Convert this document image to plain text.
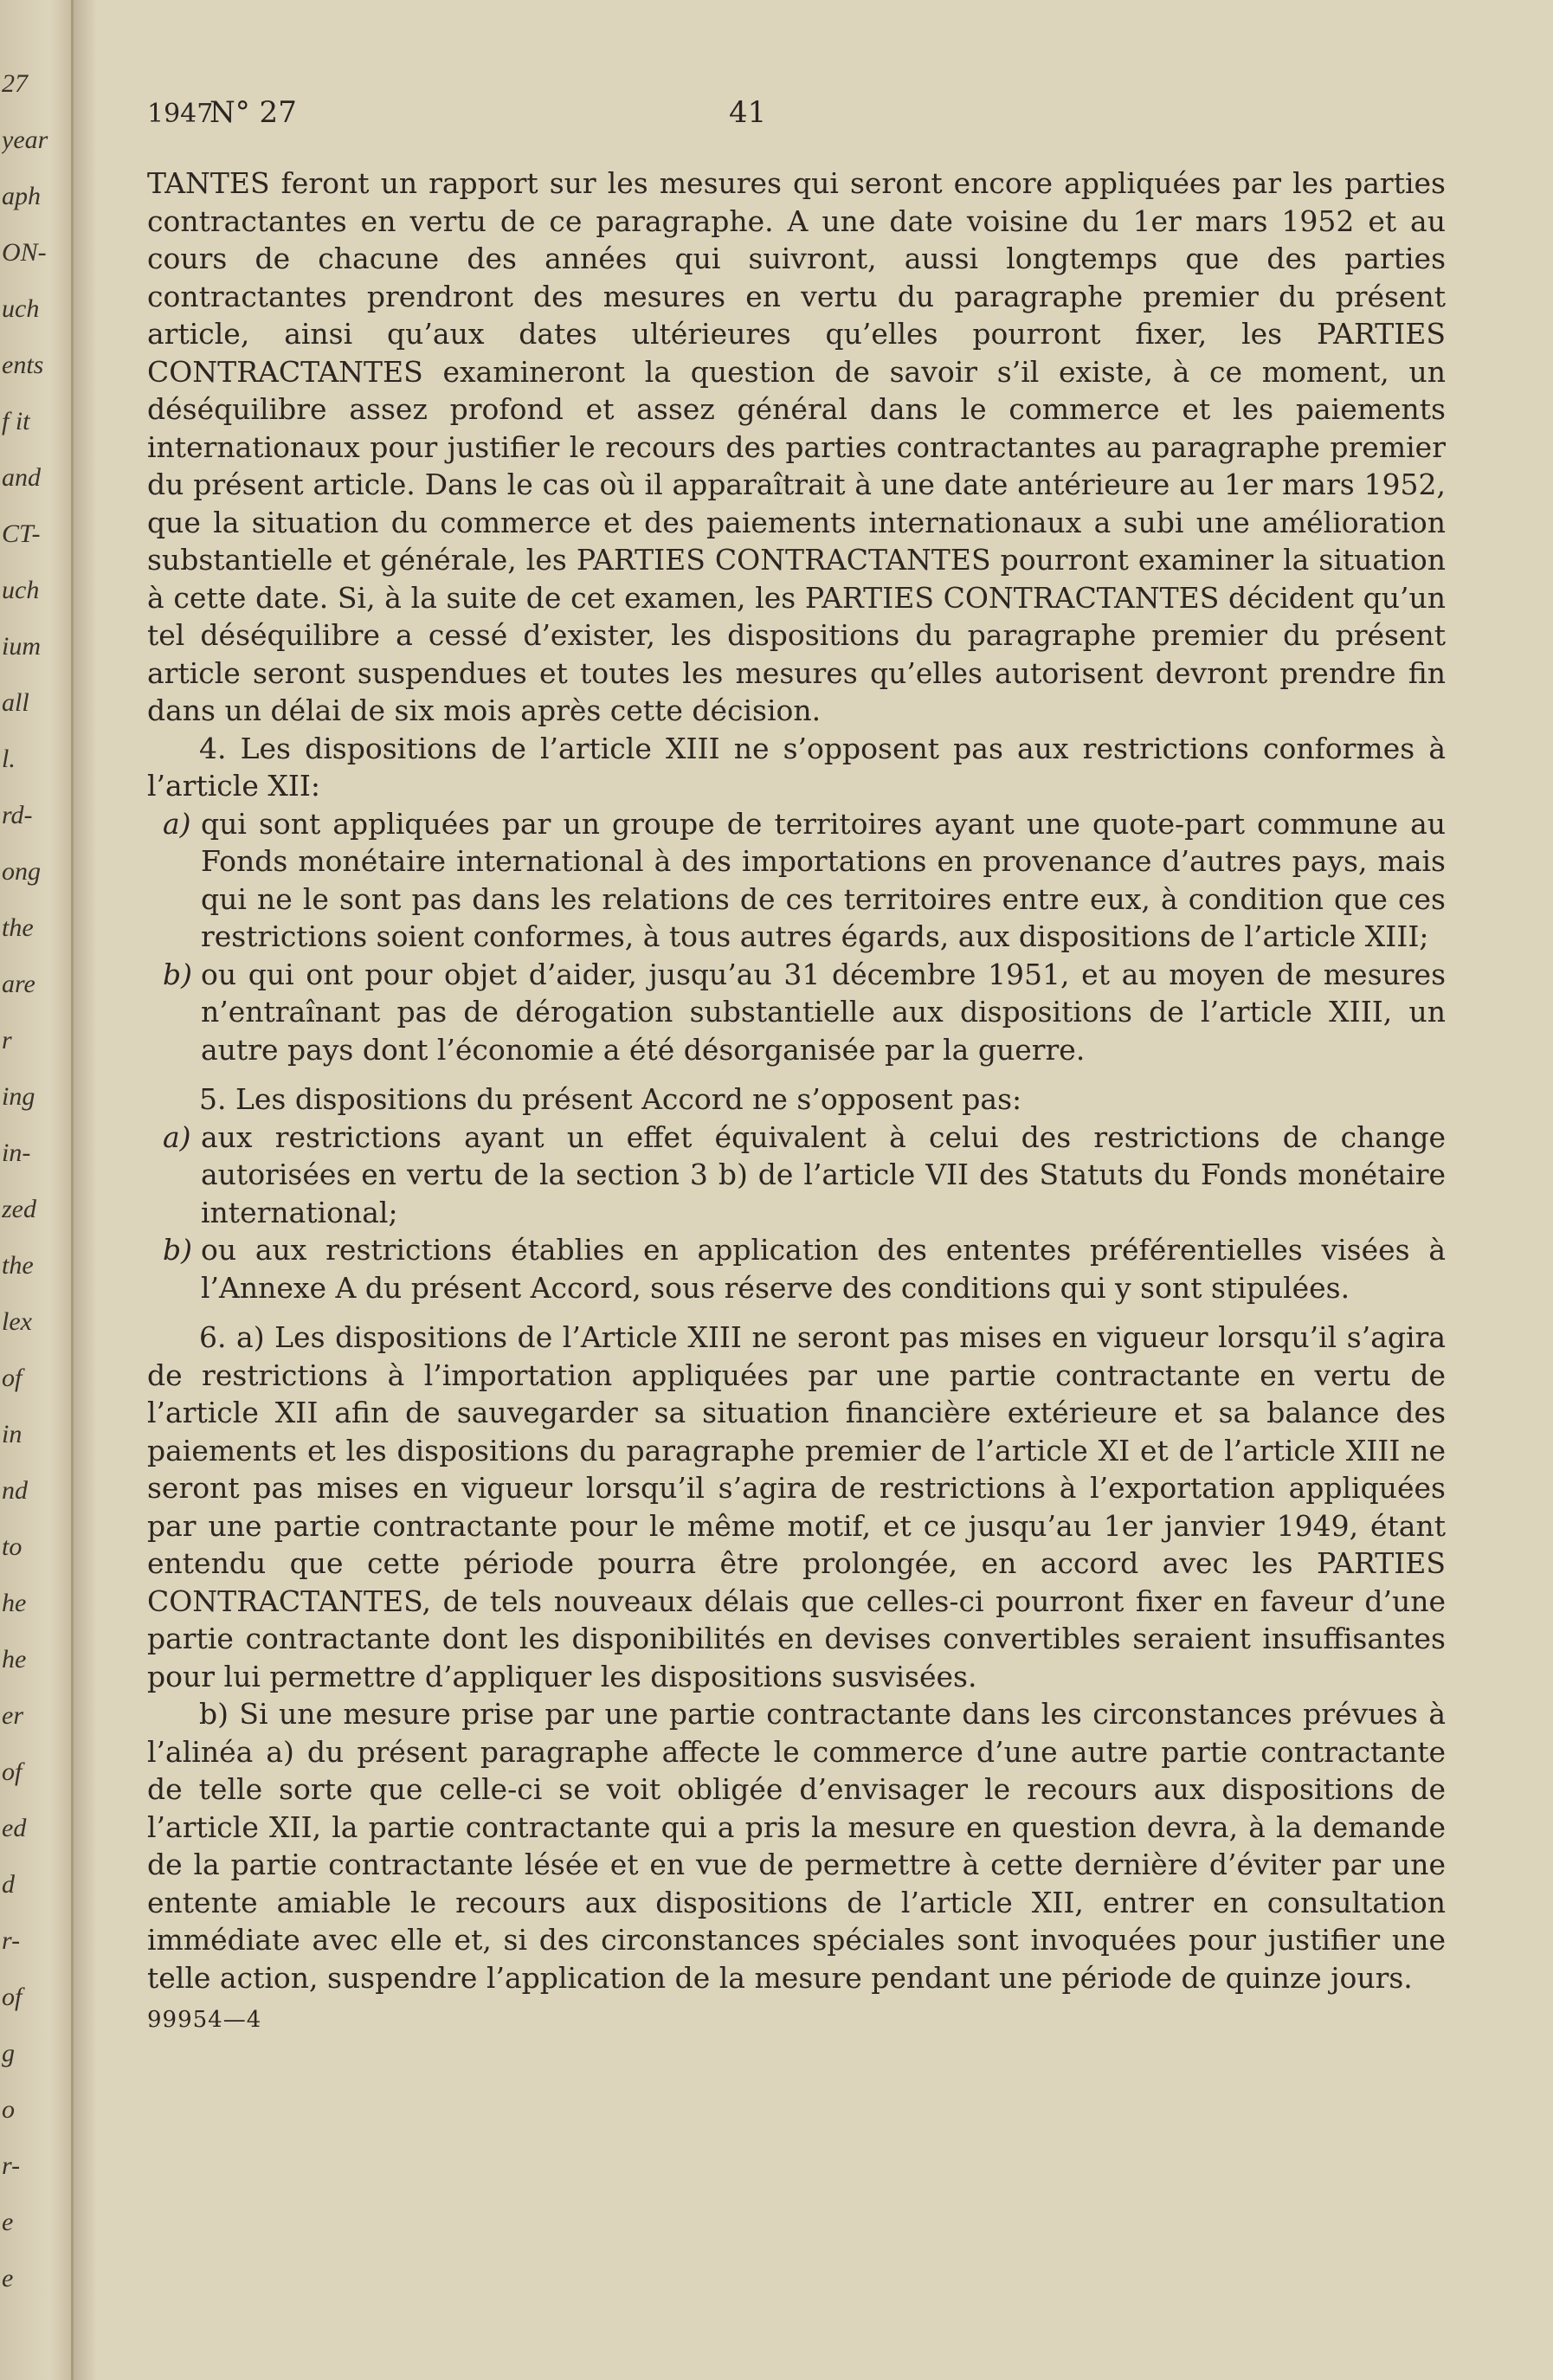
27
year
aph
ON-
uch
ents
f it
and
CT-
uch
ium
all
l.
rd-
ong
the
are
r
ing
in-
zed
the
lex
of
in
nd
to
he
he
er
of
ed
d
r-
of
g
o
r-
e
e
1947
N° 27	41

TANTES feront un rapport sur les mesures qui seront encore appliquées par les parties contractantes en vertu de ce paragraphe. A une date voisine du 1er mars 1952 et au cours de chacune des années qui suivront, aussi longtemps que des parties contractantes prendront des mesures en vertu du paragraphe premier du présent article, ainsi qu’aux dates ultérieures qu’elles pourront fixer, les PARTIES CONTRACTANTES examineront la question de savoir s’il existe, à ce moment, un déséquilibre assez profond et assez général dans le commerce et les paiements internationaux pour justifier le recours des parties contractantes au paragraphe premier du présent article. Dans le cas où il apparaîtrait à une date antérieure au 1er mars 1952, que la situation du commerce et des paiements internationaux a subi une amélioration substantielle et générale, les PARTIES CONTRACTANTES pourront examiner la situation à cette date. Si, à la suite de cet examen, les PARTIES CONTRACTANTES décident qu’un tel déséquilibre a cessé d’exister, les dispositions du paragraphe premier du présent article seront suspendues et toutes les mesures qu’elles autorisent devront prendre fin dans un délai de six mois après cette décision.

4. Les dispositions de l’article XIII ne s’opposent pas aux restrictions conformes à l’article XII:

a) qui sont appliquées par un groupe de territoires ayant une quote-part commune au Fonds monétaire international à des importations en provenance d’autres pays, mais qui ne le sont pas dans les relations de ces territoires entre eux, à condition que ces restrictions soient conformes, à tous autres égards, aux dispositions de l’article XIII;
b) ou qui ont pour objet d’aider, jusqu’au 31 décembre 1951, et au moyen de mesures n’entraînant pas de dérogation substantielle aux dispositions de l’article XIII, un autre pays dont l’économie a été désorganisée par la guerre.

5. Les dispositions du présent Accord ne s’opposent pas:

a) aux restrictions ayant un effet équivalent à celui des restrictions de change autorisées en vertu de la section 3 b) de l’article VII des Statuts du Fonds monétaire international;
b) ou aux restrictions établies en application des ententes préférentielles visées à l’Annexe A du présent Accord, sous réserve des conditions qui y sont stipulées.

6. a) Les dispositions de l’Article XIII ne seront pas mises en vigueur lorsqu’il s’agira de restrictions à l’importation appliquées par une partie contractante en vertu de l’article XII afin de sauvegarder sa situation financière extérieure et sa balance des paiements et les dispositions du paragraphe premier de l’article XI et de l’article XIII ne seront pas mises en vigueur lorsqu’il s’agira de restrictions à l’exportation appliquées par une partie contractante pour le même motif, et ce jusqu’au 1er janvier 1949, étant entendu que cette période pourra être prolongée, en accord avec les PARTIES CONTRACTANTES, de tels nouveaux délais que celles-ci pourront fixer en faveur d’une partie contractante dont les disponibilités en devises convertibles seraient insuffisantes pour lui permettre d’appliquer les dispositions susvisées.

b) Si une mesure prise par une partie contractante dans les circonstances prévues à l’alinéa a) du présent paragraphe affecte le commerce d’une autre partie contractante de telle sorte que celle-ci se voit obligée d’envisager le recours aux dispositions de l’article XII, la partie contractante qui a pris la mesure en question devra, à la demande de la partie contractante lésée et en vue de permettre à cette dernière d’éviter par une entente amiable le recours aux dispositions de l’article XII, entrer en consultation immédiate avec elle et, si des circonstances spéciales sont invoquées pour justifier une telle action, suspendre l’application de la mesure pendant une période de quinze jours.

99954—4
